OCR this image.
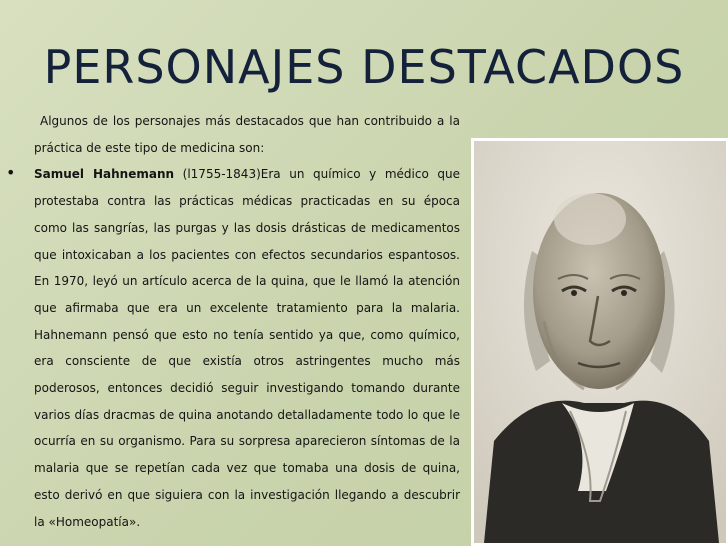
PERSONAJES DESTACADOS
•

Algunos de los personajes más destacados que han contribuido a la práctica de este tipo de medicina son:

Samuel Hahnemann (l1755-1843)Era un químico y médico que protestaba contra las prácticas médicas practicadas en su época como las sangrías, las purgas y las dosis drásticas de medicamentos que intoxicaban a los pacientes con efectos secundarios espantosos. En 1970, leyó un artículo acerca de la quina, que le llamó la atención que afirmaba que era un excelente tratamiento para la malaria. Hahnemann pensó que esto no tenía sentido ya que, como químico, era consciente de que existía otros astringentes mucho más poderosos, entonces decidió seguir investigando tomando durante varios días dracmas de quina anotando detalladamente todo lo que le ocurría en su organismo. Para su sorpresa aparecieron síntomas de la malaria que se repetían cada vez que tomaba una dosis de quina, esto derivó en que siguiera con la investigación llegando a descubrir la «Homeopatía».
